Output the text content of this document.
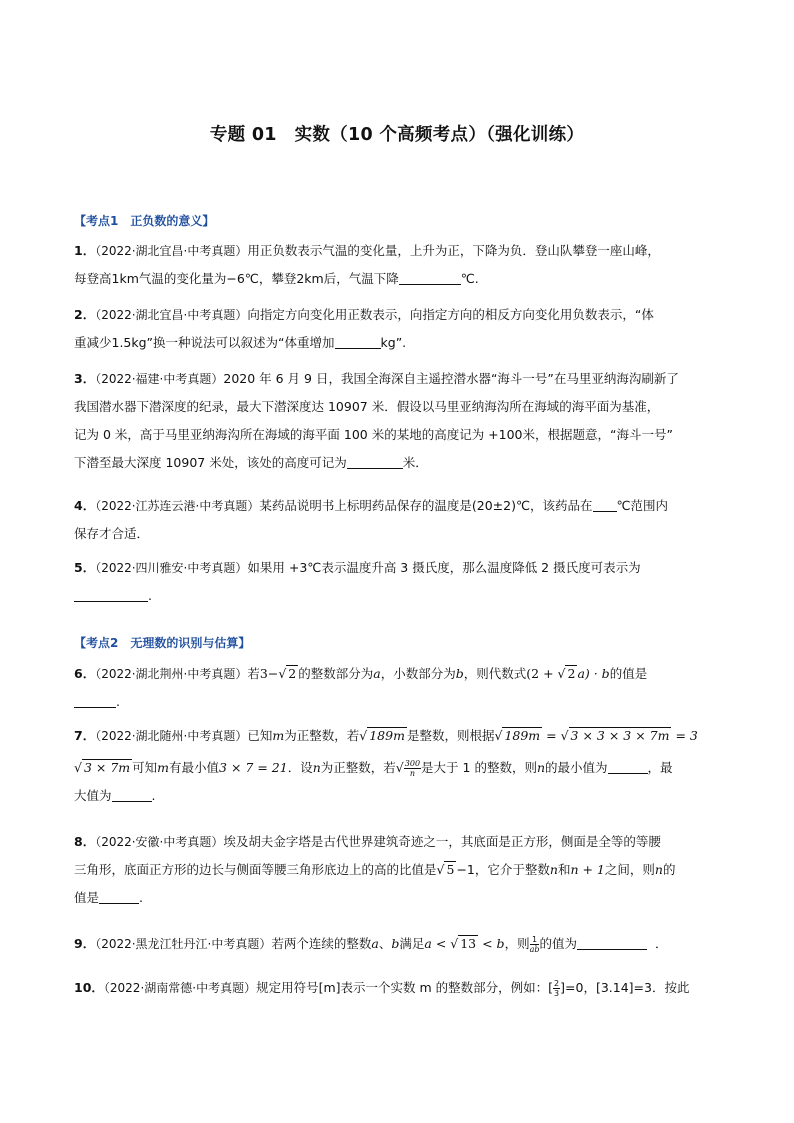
专题 01　实数（10 个高频考点）（强化训练）
【考点1　正负数的意义】
1．（2022·湖北宜昌·中考真题）用正负数表示气温的变化量，上升为正，下降为负．登山队攀登一座山峰，
每登高1km气温的变化量为−6℃，攀登2km后，气温下降	℃.
2．（2022·湖北宜昌·中考真题）向指定方向变化用正数表示，向指定方向的相反方向变化用负数表示，“体
重减少1.5kg”换一种说法可以叙述为“体重增加	kg”.
3．（2022·福建·中考真题）2020 年 6 月 9 日，我国全海深自主遥控潜水器“海斗一号”在马里亚纳海沟刷新了
我国潜水器下潜深度的纪录，最大下潜深度达 10907 米．假设以马里亚纳海沟所在海域的海平面为基准，
记为 0 米，高于马里亚纳海沟所在海域的海平面 100 米的某地的高度记为 +100米，根据题意，“海斗一号”
下潜至最大深度 10907 米处，该处的高度可记为	米．
4．（2022·江苏连云港·中考真题）某药品说明书上标明药品保存的温度是(20±2)℃，该药品在 ℃范围内
保存才合适．
5．（2022·四川雅安·中考真题）如果用 +3℃表示温度升高 3 摄氏度，那么温度降低 2 摄氏度可表示为
.
【考点2　无理数的识别与估算】
6．（2022·湖北荆州·中考真题）若3−√ 2 的整数部分为a，小数部分为b，则代数式(2 + √ 2 a) · b的值是
.
7．（2022·湖北随州·中考真题）已知m为正整数，若√ 189m 是整数，则根据√ 189m = √ 3 × 3 × 3 × 7m = 3
√ 3 × 7m 可知m有最小值3 × 7 = 21．设n为正整数，若√ $\frac{300}{n}$ 是大于 1 的整数，则n的最小值为	，最
大值为	.
8．（2022·安徽·中考真题）埃及胡夫金字塔是古代世界建筑奇迹之一，其底面是正方形，侧面是全等的等腰
三角形，底面正方形的边长与侧面等腰三角形底边上的高的比值是√ 5 −1，它介于整数n和n + 1之间，则n的
值是	.
9．（2022·黑龙江牡丹江·中考真题）若两个连续的整数a、b满足a < √ 13 < b，则 $\frac{1}{ab}$ 的值为	．
10．（2022·湖南常德·中考真题）规定用符号[m]表示一个实数 m 的整数部分，例如：[ $\frac{2}{3} ]=0$，[3.14]=3．按此
